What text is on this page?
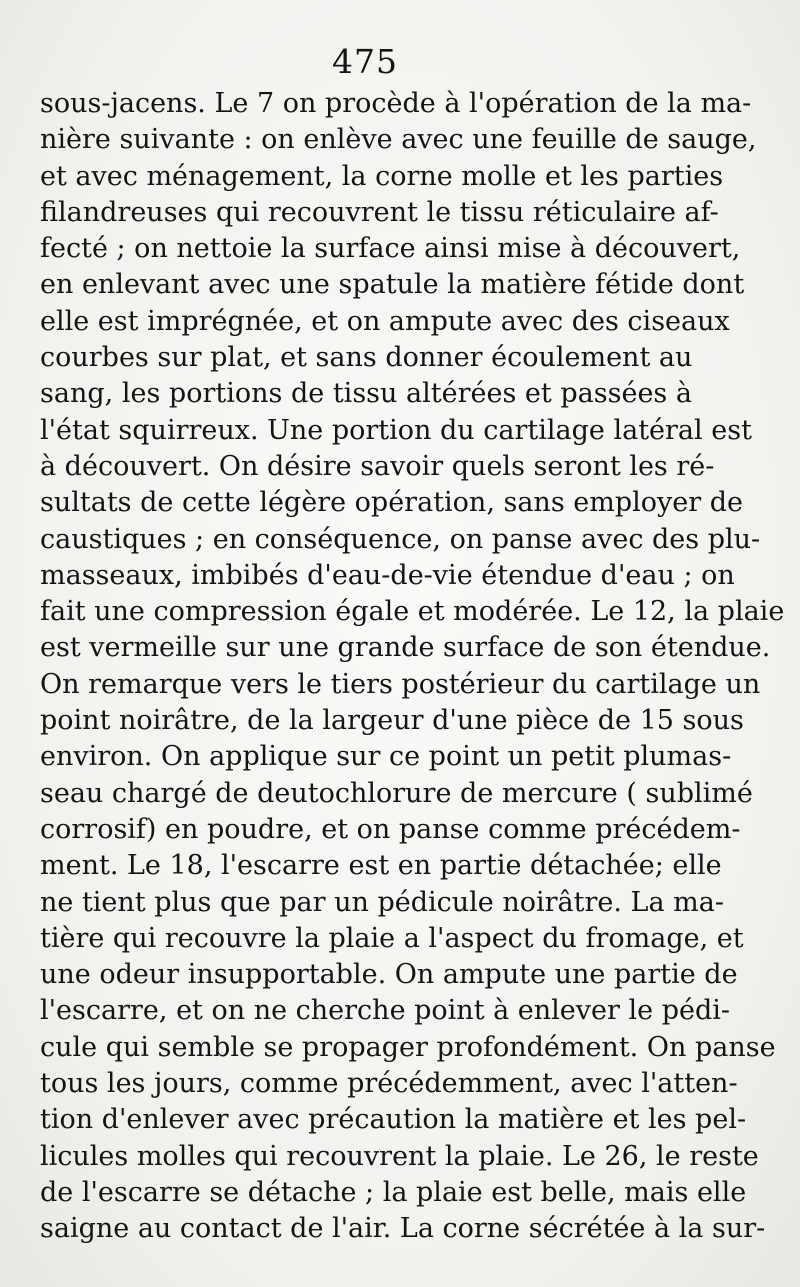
475
sous-jacens. Le 7 on procède à l'opération de la ma-
nière suivante : on enlève avec une feuille de sauge,
et avec ménagement, la corne molle et les parties
filandreuses qui recouvrent le tissu réticulaire af-
fecté ; on nettoie la surface ainsi mise à découvert,
en enlevant avec une spatule la matière fétide dont
elle est imprégnée, et on ampute avec des ciseaux
courbes sur plat, et sans donner écoulement au
sang, les portions de tissu altérées et passées à
l'état squirreux. Une portion du cartilage latéral est
à découvert. On désire savoir quels seront les ré-
sultats de cette légère opération, sans employer de
caustiques ; en conséquence, on panse avec des plu-
masseaux, imbibés d'eau-de-vie étendue d'eau ; on
fait une compression égale et modérée. Le 12, la plaie
est vermeille sur une grande surface de son étendue.
On remarque vers le tiers postérieur du cartilage un
point noirâtre, de la largeur d'une pièce de 15 sous
environ. On applique sur ce point un petit plumas-
seau chargé de deutochlorure de mercure ( sublimé
corrosif) en poudre, et on panse comme précédem-
ment. Le 18, l'escarre est en partie détachée; elle
ne tient plus que par un pédicule noirâtre. La ma-
tière qui recouvre la plaie a l'aspect du fromage, et
une odeur insupportable. On ampute une partie de
l'escarre, et on ne cherche point à enlever le pédi-
cule qui semble se propager profondément. On panse
tous les jours, comme précédemment, avec l'atten-
tion d'enlever avec précaution la matière et les pel-
licules molles qui recouvrent la plaie. Le 26, le reste
de l'escarre se détache ; la plaie est belle, mais elle
saigne au contact de l'air. La corne sécrétée à la sur-
